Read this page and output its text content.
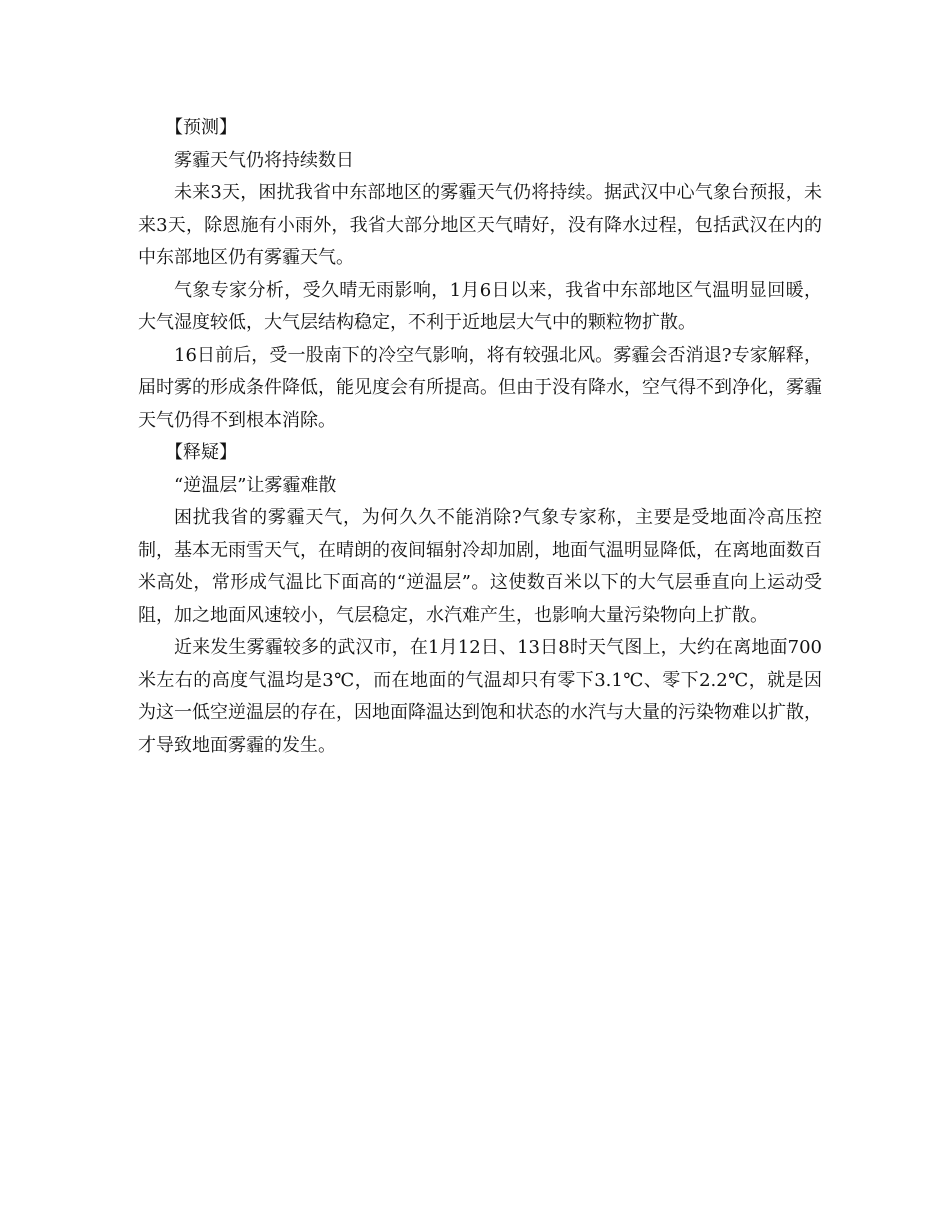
【预测】
雾霾天气仍将持续数日

未来3天，困扰我省中东部地区的雾霾天气仍将持续。据武汉中心气象台预报，未来3天，除恩施有小雨外，我省大部分地区天气晴好，没有降水过程，包括武汉在内的中东部地区仍有雾霾天气。

气象专家分析，受久晴无雨影响，1月6日以来，我省中东部地区气温明显回暖，大气湿度较低，大气层结构稳定，不利于近地层大气中的颗粒物扩散。

16日前后，受一股南下的冷空气影响，将有较强北风。雾霾会否消退?专家解释，届时雾的形成条件降低，能见度会有所提高。但由于没有降水，空气得不到净化，雾霾天气仍得不到根本消除。

【释疑】
“逆温层”让雾霾难散

困扰我省的雾霾天气，为何久久不能消除?气象专家称，主要是受地面冷高压控制，基本无雨雪天气，在晴朗的夜间辐射冷却加剧，地面气温明显降低，在离地面数百米高处，常形成气温比下面高的“逆温层”。这使数百米以下的大气层垂直向上运动受阻，加之地面风速较小，气层稳定，水汽难产生，也影响大量污染物向上扩散。

近来发生雾霾较多的武汉市，在1月12日、13日8时天气图上，大约在离地面700米左右的高度气温均是3℃，而在地面的气温却只有零下3.1℃、零下2.2℃，就是因为这一低空逆温层的存在，因地面降温达到饱和状态的水汽与大量的污染物难以扩散，才导致地面雾霾的发生。
